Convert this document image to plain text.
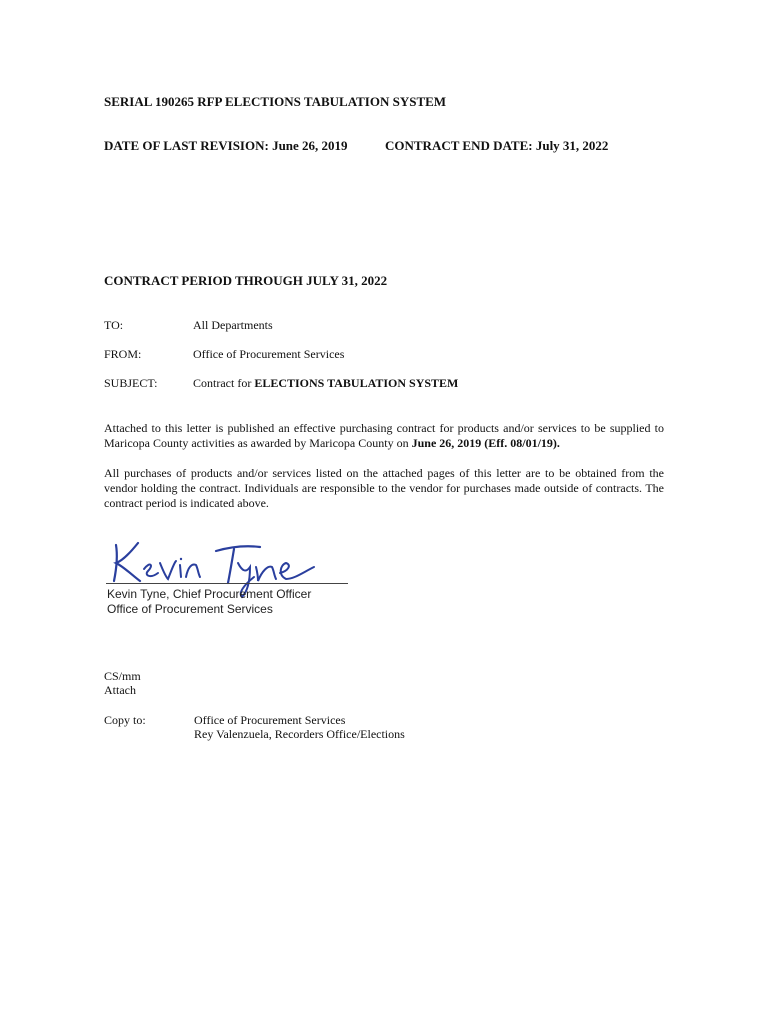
SERIAL 190265 RFP ELECTIONS TABULATION SYSTEM
DATE OF LAST REVISION: June 26, 2019	CONTRACT END DATE: July 31, 2022
CONTRACT PERIOD THROUGH JULY 31, 2022
TO:	All Departments
FROM:	Office of Procurement Services
SUBJECT:	Contract for ELECTIONS TABULATION SYSTEM
Attached to this letter is published an effective purchasing contract for products and/or services to be supplied to Maricopa County activities as awarded by Maricopa County on June 26, 2019 (Eff. 08/01/19).
All purchases of products and/or services listed on the attached pages of this letter are to be obtained from the vendor holding the contract. Individuals are responsible to the vendor for purchases made outside of contracts. The contract period is indicated above.
Kevin Tyne, Chief Procurement Officer
Office of Procurement Services
CS/mm
Attach
Copy to:	Office of Procurement Services
Rey Valenzuela, Recorders Office/Elections
